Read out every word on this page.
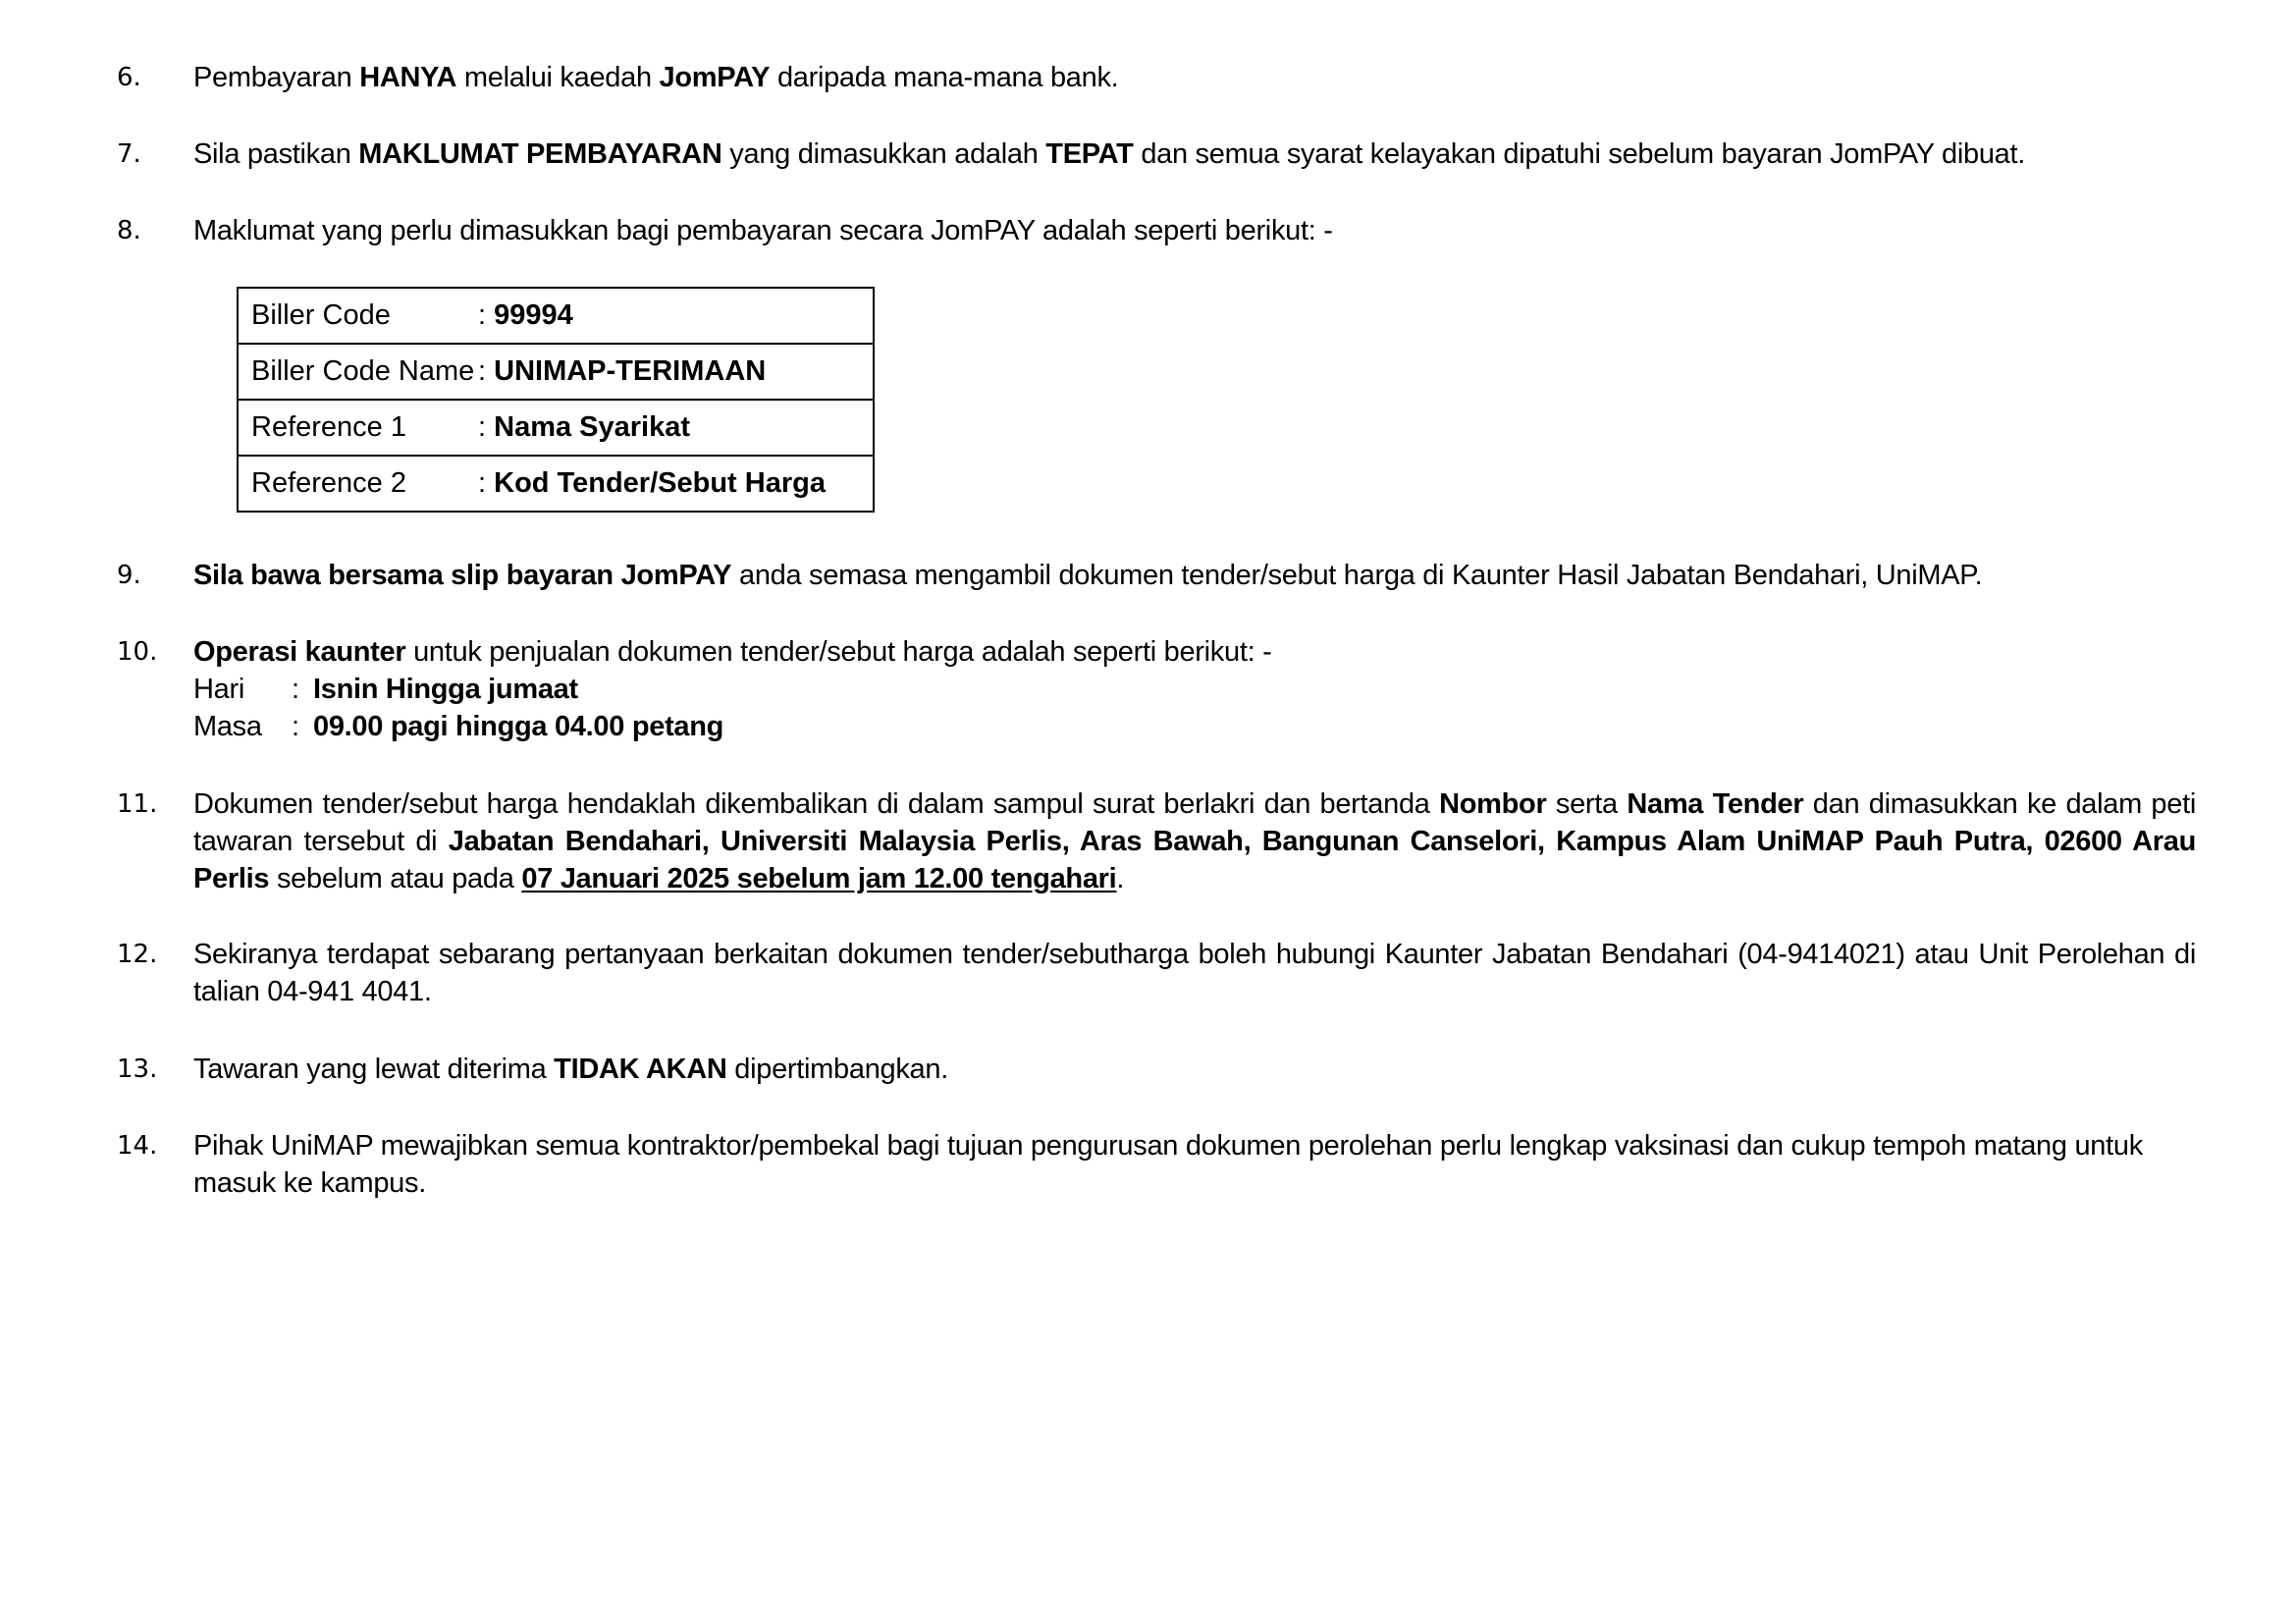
6.	Pembayaran HANYA melalui kaedah JomPAY daripada mana-mana bank.
7.	Sila pastikan MAKLUMAT PEMBAYARAN yang dimasukkan adalah TEPAT dan semua syarat kelayakan dipatuhi sebelum bayaran JomPAY dibuat.
8.	Maklumat yang perlu dimasukkan bagi pembayaran secara JomPAY adalah seperti berikut: -
Biller Code	: 99994
Biller Code Name : UNIMAP-TERIMAAN
Reference 1	: Nama Syarikat
Reference 2	: Kod Tender/Sebut Harga
9.	Sila bawa bersama slip bayaran JomPAY anda semasa mengambil dokumen tender/sebut harga di Kaunter Hasil Jabatan Bendahari, UniMAP.
10.	Operasi kaunter untuk penjualan dokumen tender/sebut harga adalah seperti berikut: -
Hari : Isnin Hingga jumaat
Masa : 09.00 pagi hingga 04.00 petang
11.	Dokumen tender/sebut harga hendaklah dikembalikan di dalam sampul surat berlakri dan bertanda Nombor serta Nama Tender dan dimasukkan ke dalam peti tawaran tersebut di Jabatan Bendahari, Universiti Malaysia Perlis, Aras Bawah, Bangunan Canselori, Kampus Alam UniMAP Pauh Putra, 02600 Arau Perlis sebelum atau pada 07 Januari 2025 sebelum jam 12.00 tengahari.
12.	Sekiranya terdapat sebarang pertanyaan berkaitan dokumen tender/sebutharga boleh hubungi Kaunter Jabatan Bendahari (04-9414021) atau Unit Perolehan di talian 04-941 4041.
13.	Tawaran yang lewat diterima TIDAK AKAN dipertimbangkan.
14.	Pihak UniMAP mewajibkan semua kontraktor/pembekal bagi tujuan pengurusan dokumen perolehan perlu lengkap vaksinasi dan cukup tempoh matang untuk masuk ke kampus.
